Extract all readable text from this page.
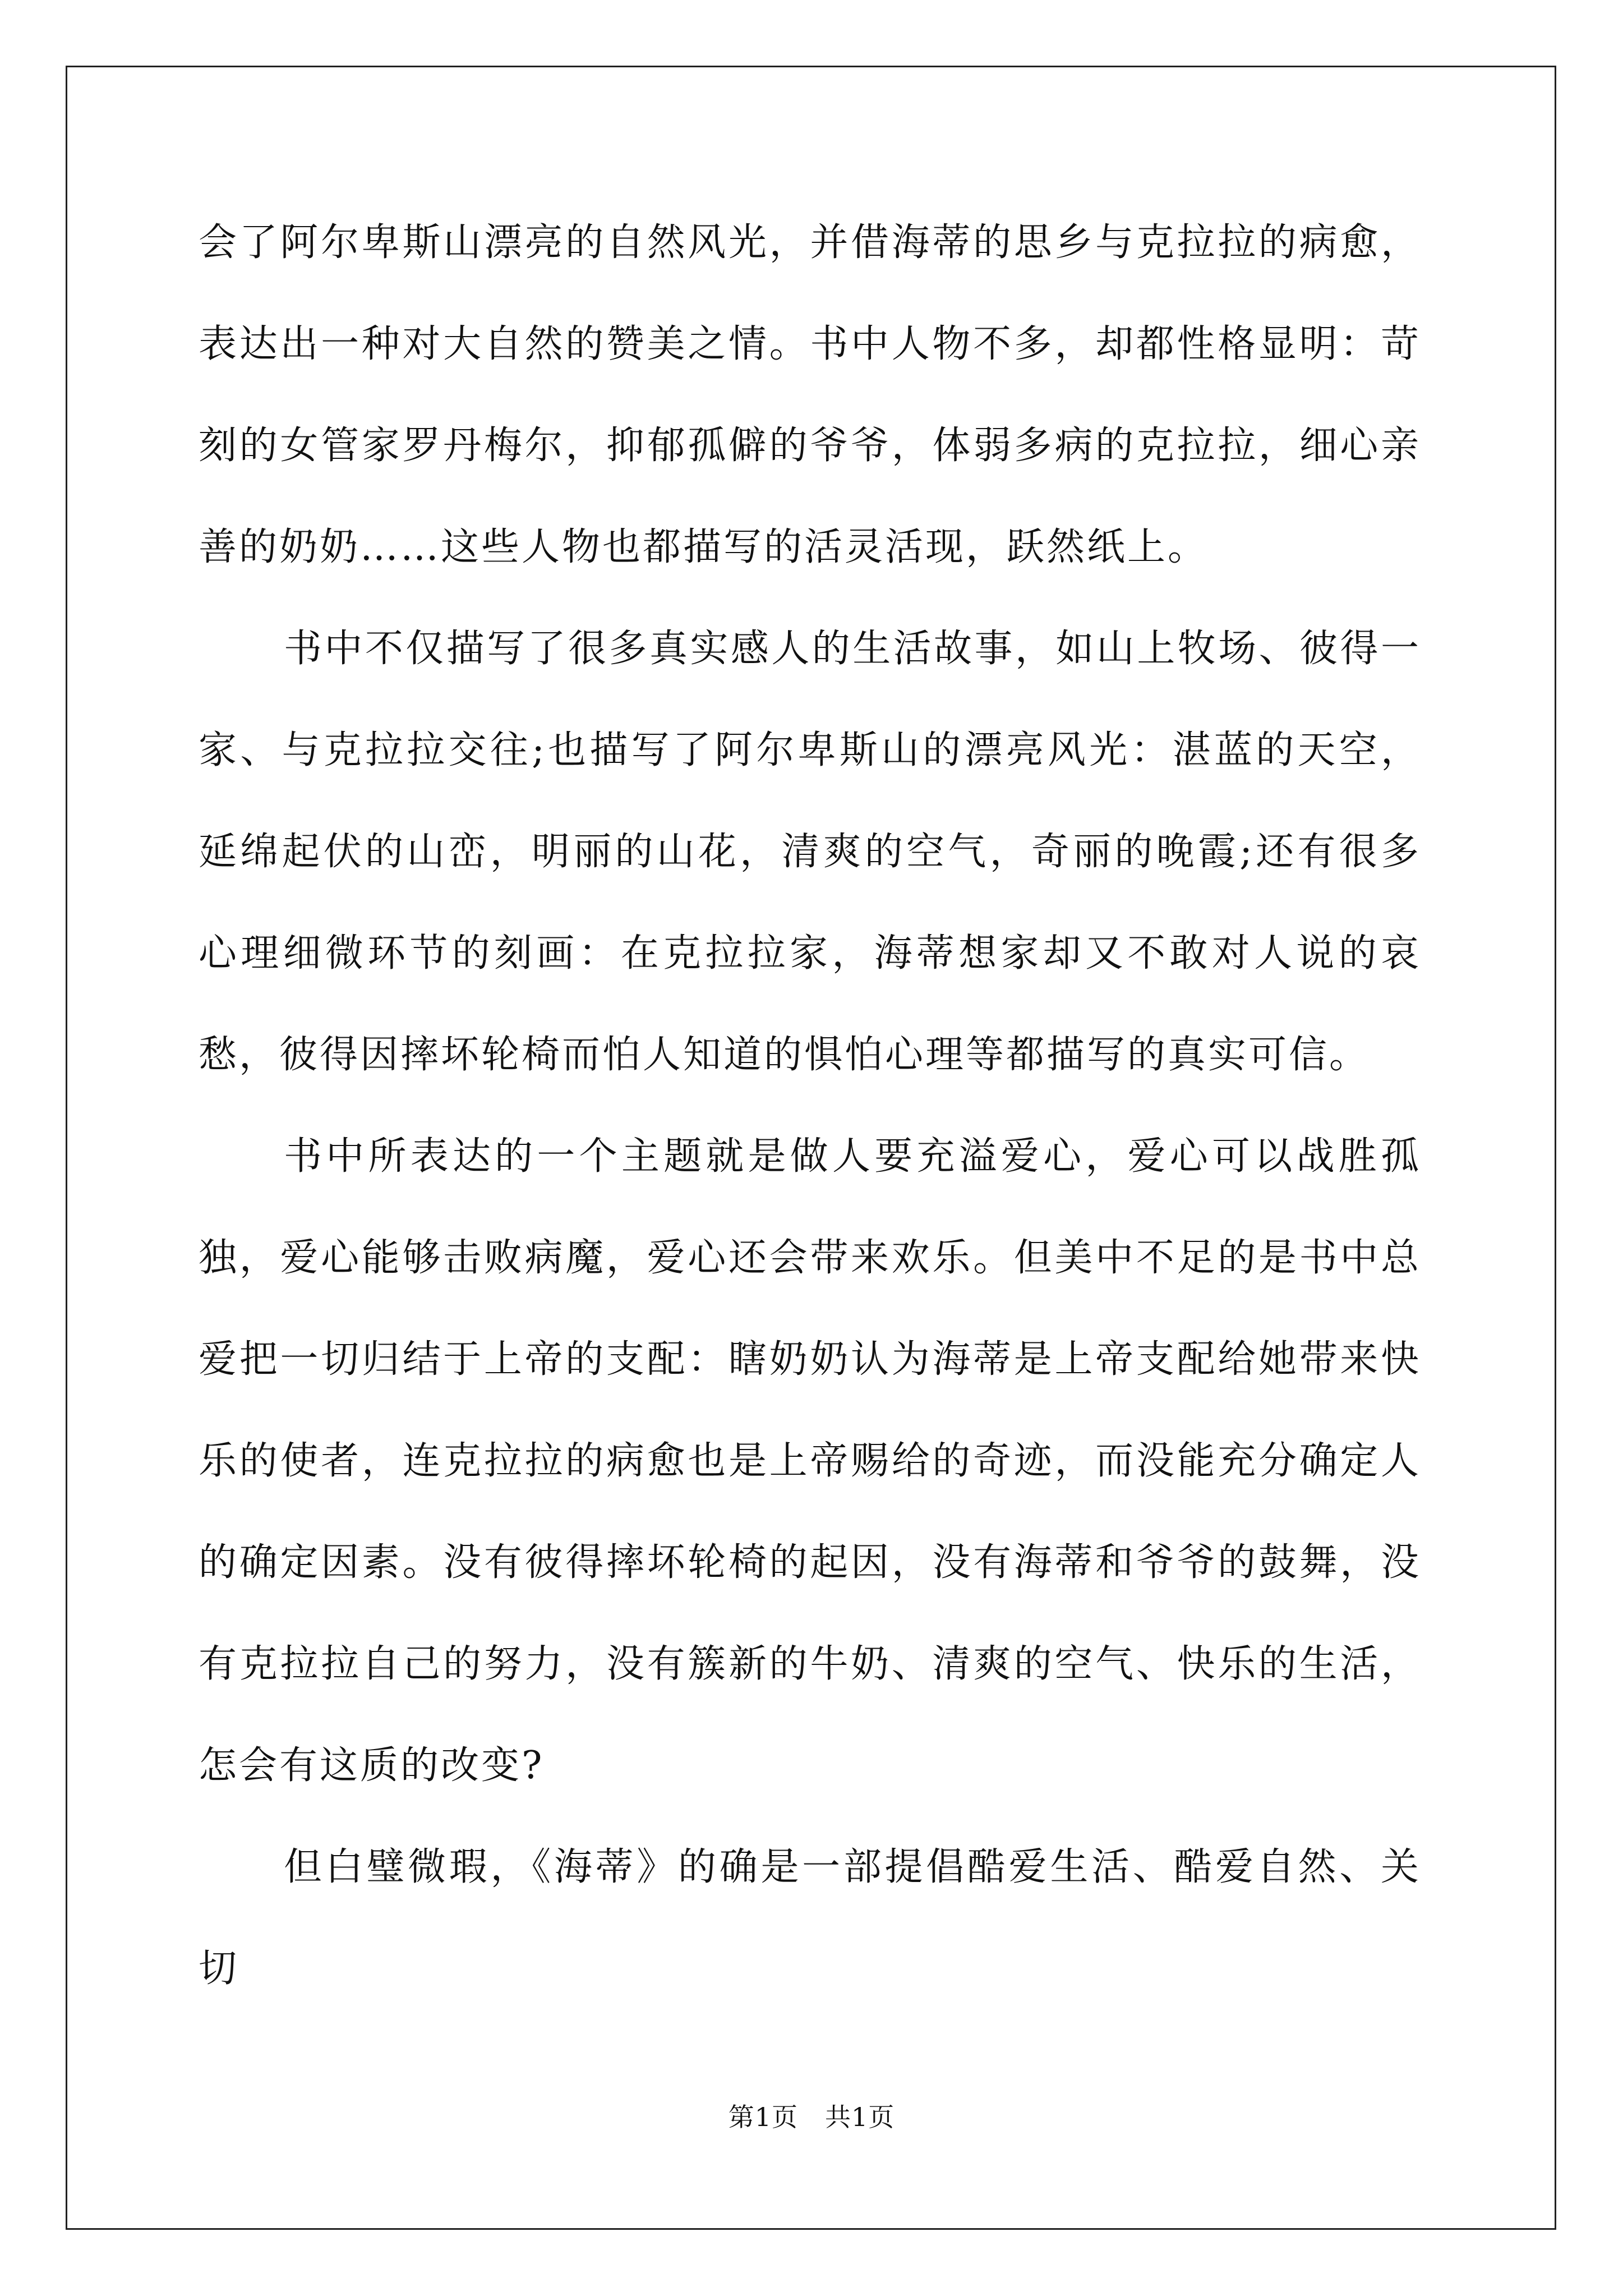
会了阿尔卑斯山漂亮的自然风光，并借海蒂的思乡与克拉拉的病愈，表达出一种对大自然的赞美之情。书中人物不多，却都性格显明：苛刻的女管家罗丹梅尔，抑郁孤僻的爷爷，体弱多病的克拉拉，细心亲善的奶奶……这些人物也都描写的活灵活现，跃然纸上。

书中不仅描写了很多真实感人的生活故事，如山上牧场、彼得一家、与克拉拉交往;也描写了阿尔卑斯山的漂亮风光：湛蓝的天空，延绵起伏的山峦，明丽的山花，清爽的空气，奇丽的晚霞;还有很多心理细微环节的刻画：在克拉拉家，海蒂想家却又不敢对人说的哀愁，彼得因摔坏轮椅而怕人知道的惧怕心理等都描写的真实可信。

书中所表达的一个主题就是做人要充溢爱心，爱心可以战胜孤独，爱心能够击败病魔，爱心还会带来欢乐。但美中不足的是书中总爱把一切归结于上帝的支配：瞎奶奶认为海蒂是上帝支配给她带来快乐的使者，连克拉拉的病愈也是上帝赐给的奇迹，而没能充分确定人的确定因素。没有彼得摔坏轮椅的起因，没有海蒂和爷爷的鼓舞，没有克拉拉自己的努力，没有簇新的牛奶、清爽的空气、快乐的生活，怎会有这质的改变?

但白璧微瑕，《海蒂》的确是一部提倡酷爱生活、酷爱自然、关切

第1页 共1页
